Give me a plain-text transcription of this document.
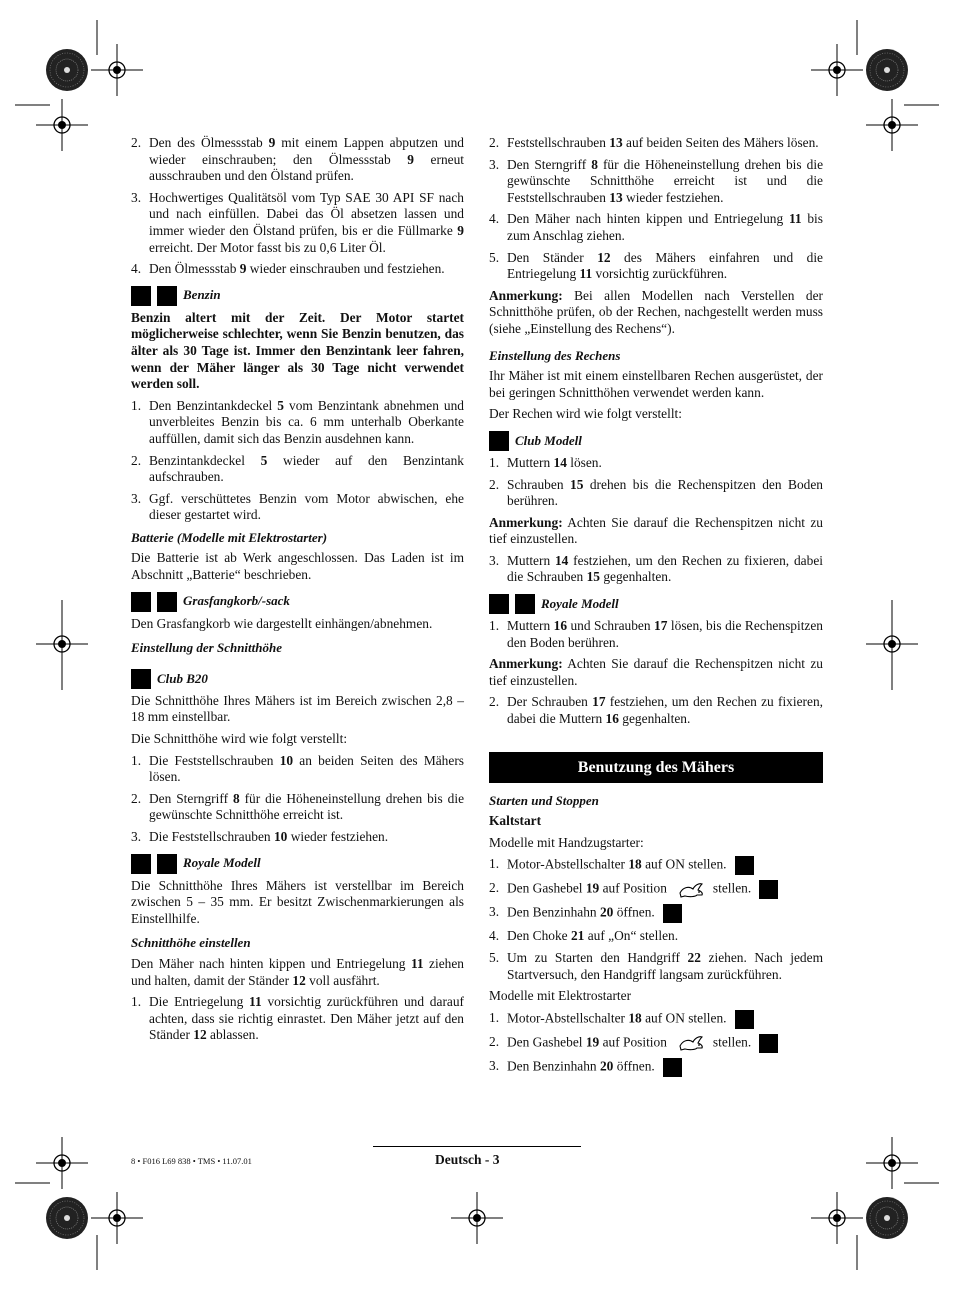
2. Den des Ölmessstab 9 mit einem Lappen abputzen und wieder einschrauben; den Ölmessstab 9 erneut ausschrauben und den Ölstand prüfen.
3. Hochwertiges Qualitätsöl vom Typ SAE 30 API SF nach und nach einfüllen. Dabei das Öl absetzen lassen und immer wieder den Ölstand prüfen, bis er die Füllmarke 9 erreicht. Der Motor fasst bis zu 0,6 Liter Öl.
4. Den Ölmessstab 9 wieder einschrauben und festziehen.
Benzin

Benzin altert mit der Zeit. Der Motor startet möglicherweise schlechter, wenn Sie Benzin benutzen, das älter als 30 Tage ist. Immer den Benzintank leer fahren, wenn der Mäher länger als 30 Tage nicht verwendet werden soll.

1. Den Benzintankdeckel 5 vom Benzintank abnehmen und unverbleites Benzin bis ca. 6 mm unterhalb Oberkante auffüllen, damit sich das Benzin ausdehnen kann.
2. Benzintankdeckel 5 wieder auf den Benzintank aufschrauben.
3. Ggf. verschüttetes Benzin vom Motor abwischen, ehe dieser gestartet wird.
Batterie (Modelle mit Elektrostarter)

Die Batterie ist ab Werk angeschlossen. Das Laden ist im Abschnitt „Batterie“ beschrieben.

Grasfangkorb/-sack

Den Grasfangkorb wie dargestellt einhängen/abnehmen.

Einstellung der Schnitthöhe
Club B20

Die Schnitthöhe Ihres Mähers ist im Bereich zwischen 2,8 – 18 mm einstellbar.

Die Schnitthöhe wird wie folgt verstellt:

1. Die Feststellschrauben 10 an beiden Seiten des Mähers lösen.
2. Den Sterngriff 8 für die Höheneinstellung drehen bis die gewünschte Schnitthöhe erreicht ist.
3. Die Feststellschrauben 10 wieder festziehen.
Royale Modell

Die Schnitthöhe Ihres Mähers ist verstellbar im Bereich zwischen 5 – 35 mm. Er besitzt Zwischenmarkierungen als Einstellhilfe.

Schnitthöhe einstellen

Den Mäher nach hinten kippen und Entriegelung 11 ziehen und halten, damit der Ständer 12 voll ausfährt.

1. Die Entriegelung 11 vorsichtig zurückführen und darauf achten, dass sie richtig einrastet. Den Mäher jetzt auf den Ständer 12 ablassen.
2. Feststellschrauben 13 auf beiden Seiten des Mähers lösen.
3. Den Sterngriff 8 für die Höheneinstellung drehen bis die gewünschte Schnitthöhe erreicht ist und die Feststellschrauben 13 wieder festziehen.
4. Den Mäher nach hinten kippen und Entriegelung 11 bis zum Anschlag ziehen.
5. Den Ständer 12 des Mähers einfahren und die Entriegelung 11 vorsichtig zurückführen.

Anmerkung: Bei allen Modellen nach Verstellen der Schnitthöhe prüfen, ob der Rechen, nachgestellt werden muss (siehe „Einstellung des Rechens“).

Einstellung des Rechens

Ihr Mäher ist mit einem einstellbaren Rechen ausgerüstet, der bei geringen Schnitthöhen verwendet werden kann.

Der Rechen wird wie folgt verstellt:

Club Modell
1. Muttern 14 lösen.
2. Schrauben 15 drehen bis die Rechenspitzen den Boden berühren.

Anmerkung: Achten Sie darauf die Rechenspitzen nicht zu tief einzustellen.

3. Muttern 14 festziehen, um den Rechen zu fixieren, dabei die Schrauben 15 gegenhalten.
Royale Modell
1. Muttern 16 und Schrauben 17 lösen, bis die Rechenspitzen den Boden berühren.

Anmerkung: Achten Sie darauf die Rechenspitzen nicht zu tief einzustellen.

2. Der Schrauben 17 festziehen, um den Rechen zu fixieren, dabei die Muttern 16 gegenhalten.
Benutzung des Mähers
Starten und Stoppen
Kaltstart

Modelle mit Handzugstarter:

1. Motor-Abstellschalter 18 auf ON stellen.
2. Den Gashebel 19 auf Position	stellen.
3. Den Benzinhahn 20 öffnen.
4. Den Choke 21 auf „On“ stellen.
5. Um zu Starten den Handgriff 22 ziehen. Nach jedem Startversuch, den Handgriff langsam zurückführen.

Modelle mit Elektrostarter

1. Motor-Abstellschalter 18 auf ON stellen.
2. Den Gashebel 19 auf Position	stellen.
3. Den Benzinhahn 20 öffnen.
8 • F016 L69 838 • TMS • 11.07.01	Deutsch - 3
